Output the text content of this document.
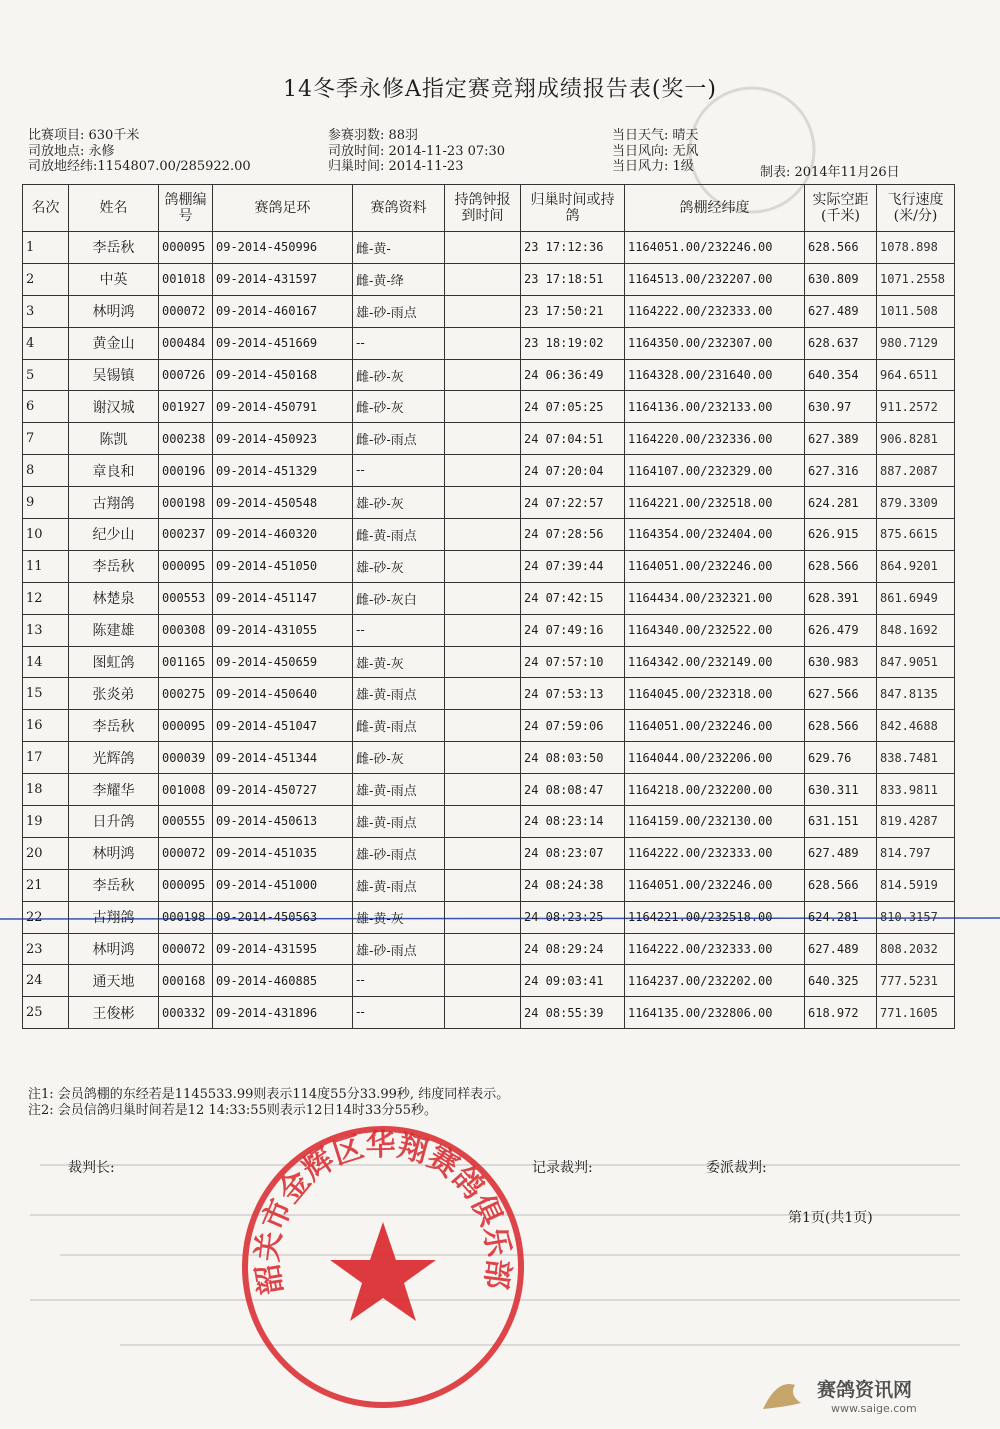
14冬季永修A指定赛竞翔成绩报告表(奖一)
比赛项目: 630千米
司放地点: 永修
司放地经纬:1154807.00/285922.00
参赛羽数: 88羽
司放时间: 2014-11-23 07:30
归巢时间: 2014-11-23
当日天气: 晴天
当日风向: 无风
当日风力: 1级	制表: 2014年11月26日
名次	姓名	鸽棚编号	赛鸽足环	赛鸽资料	持鸽钟报到时间	归巢时间或持鸽	鸽棚经纬度	实际空距(千米)	飞行速度(米/分)
1	李岳秋	000095	09-2014-450996	雌-黄-		23 17:12:36	1164051.00/232246.00	628.566	1078.898
2	中英	001018	09-2014-431597	雌-黄-绛		23 17:18:51	1164513.00/232207.00	630.809	1071.2558
3	林明鸿	000072	09-2014-460167	雄-砂-雨点		23 17:50:21	1164222.00/232333.00	627.489	1011.508
4	黄金山	000484	09-2014-451669	--		23 18:19:02	1164350.00/232307.00	628.637	980.7129
5	吴锡镇	000726	09-2014-450168	雌-砂-灰		24 06:36:49	1164328.00/231640.00	640.354	964.6511
6	谢汉城	001927	09-2014-450791	雌-砂-灰		24 07:05:25	1164136.00/232133.00	630.97	911.2572
7	陈凯	000238	09-2014-450923	雌-砂-雨点		24 07:04:51	1164220.00/232336.00	627.389	906.8281
8	章良和	000196	09-2014-451329	--		24 07:20:04	1164107.00/232329.00	627.316	887.2087
9	古翔鸽	000198	09-2014-450548	雄-砂-灰		24 07:22:57	1164221.00/232518.00	624.281	879.3309
10	纪少山	000237	09-2014-460320	雌-黄-雨点		24 07:28:56	1164354.00/232404.00	626.915	875.6615
11	李岳秋	000095	09-2014-451050	雄-砂-灰		24 07:39:44	1164051.00/232246.00	628.566	864.9201
12	林楚泉	000553	09-2014-451147	雌-砂-灰白		24 07:42:15	1164434.00/232321.00	628.391	861.6949
13	陈建雄	000308	09-2014-431055	--		24 07:49:16	1164340.00/232522.00	626.479	848.1692
14	图虹鸽	001165	09-2014-450659	雄-黄-灰		24 07:57:10	1164342.00/232149.00	630.983	847.9051
15	张炎弟	000275	09-2014-450640	雄-黄-雨点		24 07:53:13	1164045.00/232318.00	627.566	847.8135
16	李岳秋	000095	09-2014-451047	雌-黄-雨点		24 07:59:06	1164051.00/232246.00	628.566	842.4688
17	光辉鸽	000039	09-2014-451344	雌-砂-灰		24 08:03:50	1164044.00/232206.00	629.76	838.7481
18	李耀华	001008	09-2014-450727	雄-黄-雨点		24 08:08:47	1164218.00/232200.00	630.311	833.9811
19	日升鸽	000555	09-2014-450613	雄-黄-雨点		24 08:23:14	1164159.00/232130.00	631.151	819.4287
20	林明鸿	000072	09-2014-451035	雄-砂-雨点		24 08:23:07	1164222.00/232333.00	627.489	814.797
21	李岳秋	000095	09-2014-451000	雄-黄-雨点		24 08:24:38	1164051.00/232246.00	628.566	814.5919
22	古翔鸽	000198	09-2014-450563	雄-黄-灰		24 08:23:25	1164221.00/232518.00	624.281	810.3157
23	林明鸿	000072	09-2014-431595	雄-砂-雨点		24 08:29:24	1164222.00/232333.00	627.489	808.2032
24	通天地	000168	09-2014-460885	--		24 09:03:41	1164237.00/232202.00	640.325	777.5231
25	王俊彬	000332	09-2014-431896	--		24 08:55:39	1164135.00/232806.00	618.972	771.1605
注1: 会员鸽棚的东经若是1145533.99则表示114度55分33.99秒, 纬度同样表示。
注2: 会员信鸽归巢时间若是12 14:33:55则表示12日14时33分55秒。
裁判长:	记录裁判:	委派裁判:
第1页(共1页)
韶关市金辉区华翔赛鸽俱乐部
赛鸽资讯网
www.saige.com
